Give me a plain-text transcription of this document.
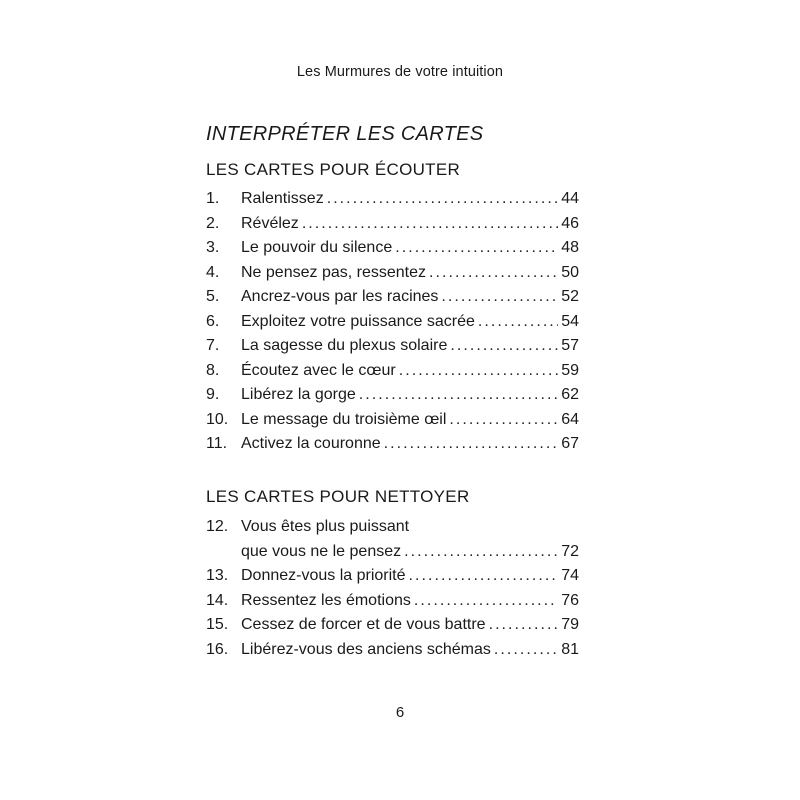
Les Murmures de votre intuition
INTERPRÉTER LES CARTES
LES CARTES POUR ÉCOUTER
1. Ralentissez . . .	44
2. Révélez . . .	46
3. Le pouvoir du silence . . .	48
4. Ne pensez pas, ressentez . . .	50
5. Ancrez-vous par les racines . . .	52
6. Exploitez votre puissance sacrée . . .	54
7. La sagesse du plexus solaire . . .	57
8. Écoutez avec le cœur . . .	59
9. Libérez la gorge . . .	62
10. Le message du troisième œil . . .	64
11. Activez la couronne . . .	67
LES CARTES POUR NETTOYER
12. Vous êtes plus puissant
que vous ne le pensez . . .	72
13. Donnez-vous la priorité . . .	74
14. Ressentez les émotions . . .	76
15. Cessez de forcer et de vous battre . . .	79
16. Libérez-vous des anciens schémas . . .	81
6
